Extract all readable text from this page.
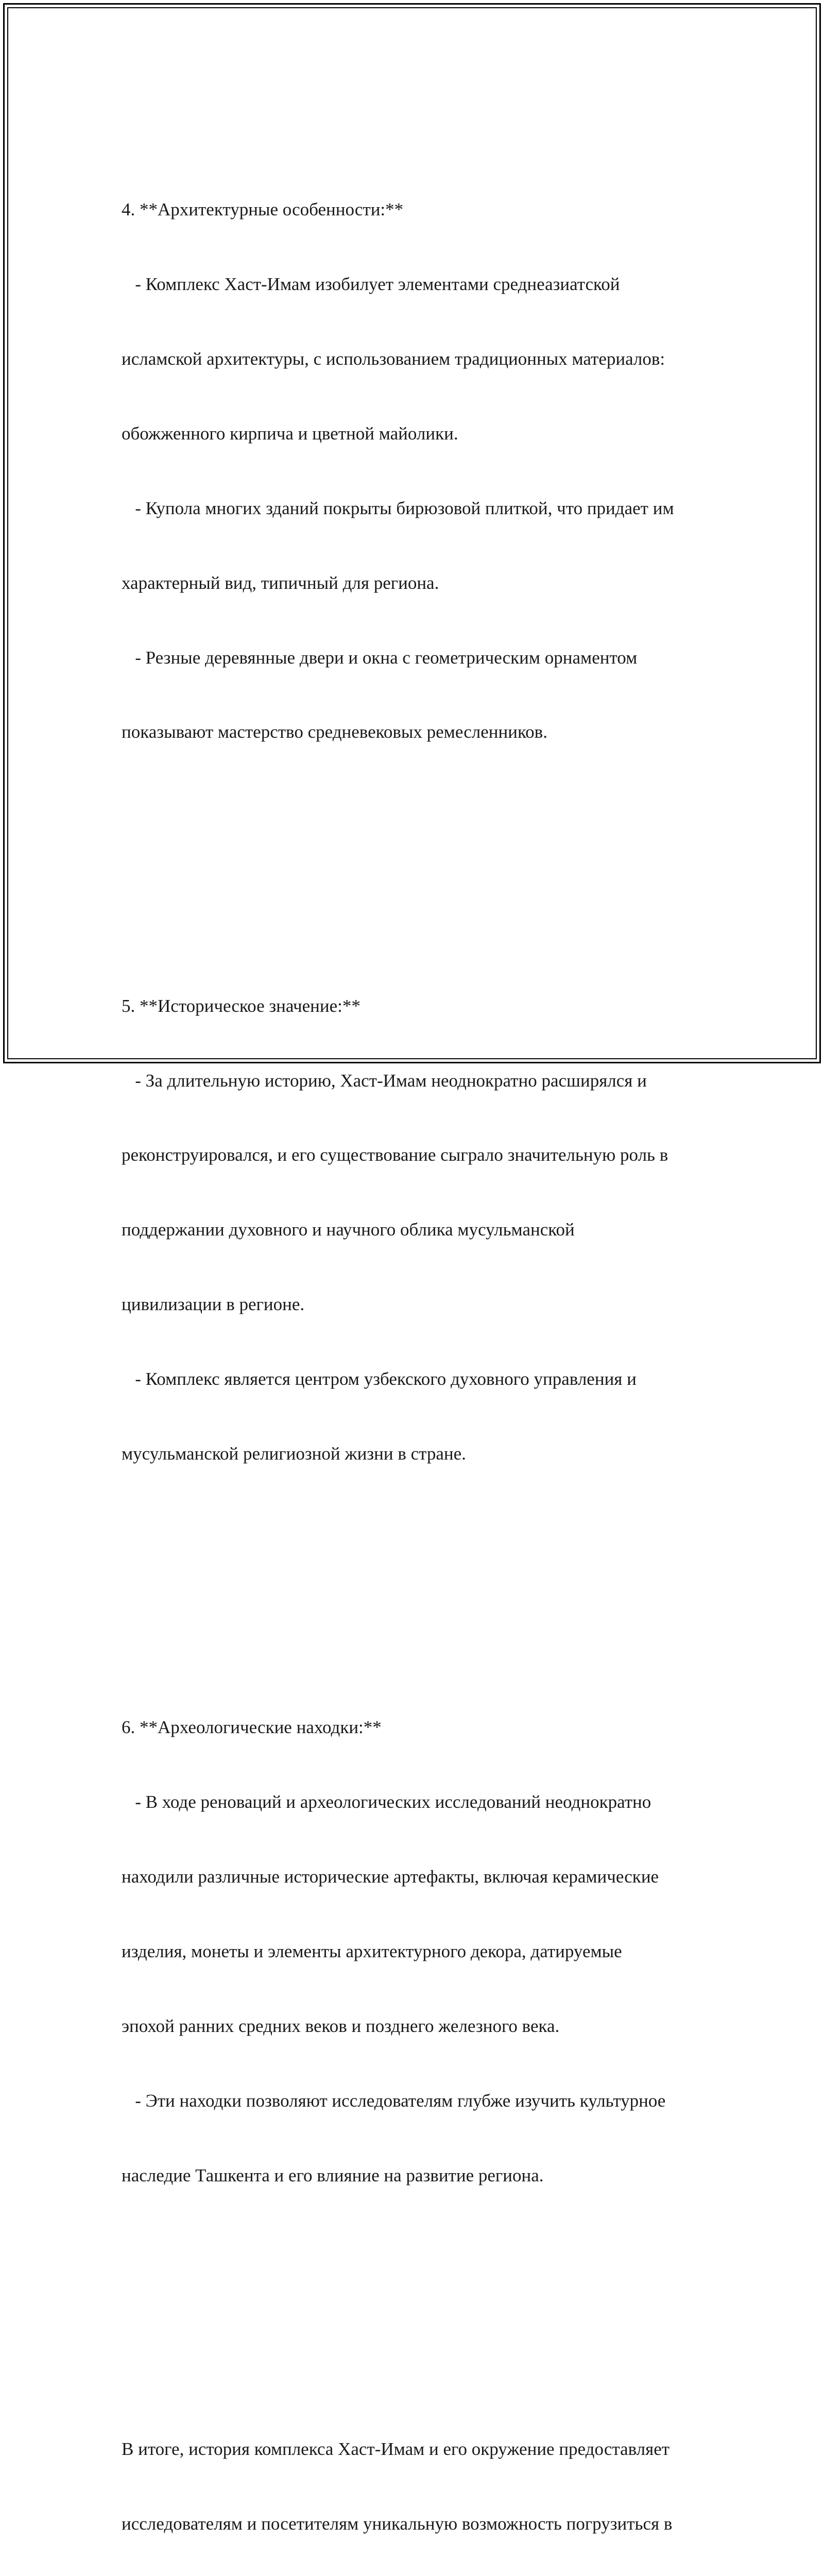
4. **Архитектурные особенности:**

- Комплекс Хаст-Имам изобилует элементами среднеазиатской

исламской архитектуры, с использованием традиционных материалов:

обожженного кирпича и цветной майолики.

- Купола многих зданий покрыты бирюзовой плиткой, что придает им

характерный вид, типичный для региона.

- Резные деревянные двери и окна с геометрическим орнаментом

показывают мастерство средневековых ремесленников.

5. **Историческое значение:**

- За длительную историю, Хаст-Имам неоднократно расширялся и

реконструировался, и его существование сыграло значительную роль в

поддержании духовного и научного облика мусульманской

цивилизации в регионе.

- Комплекс является центром узбекского духовного управления и

мусульманской религиозной жизни в стране.

6. **Археологические находки:**

- В ходе реноваций и археологических исследований неоднократно

находили различные исторические артефакты, включая керамические

изделия, монеты и элементы архитектурного декора, датируемые

эпохой ранних средних веков и позднего железного века.

- Эти находки позволяют исследователям глубже изучить культурное

наследие Ташкента и его влияние на развитие региона.

В итоге, история комплекса Хаст-Имам и его окружение предоставляет

исследователям и посетителям уникальную возможность погрузиться в
